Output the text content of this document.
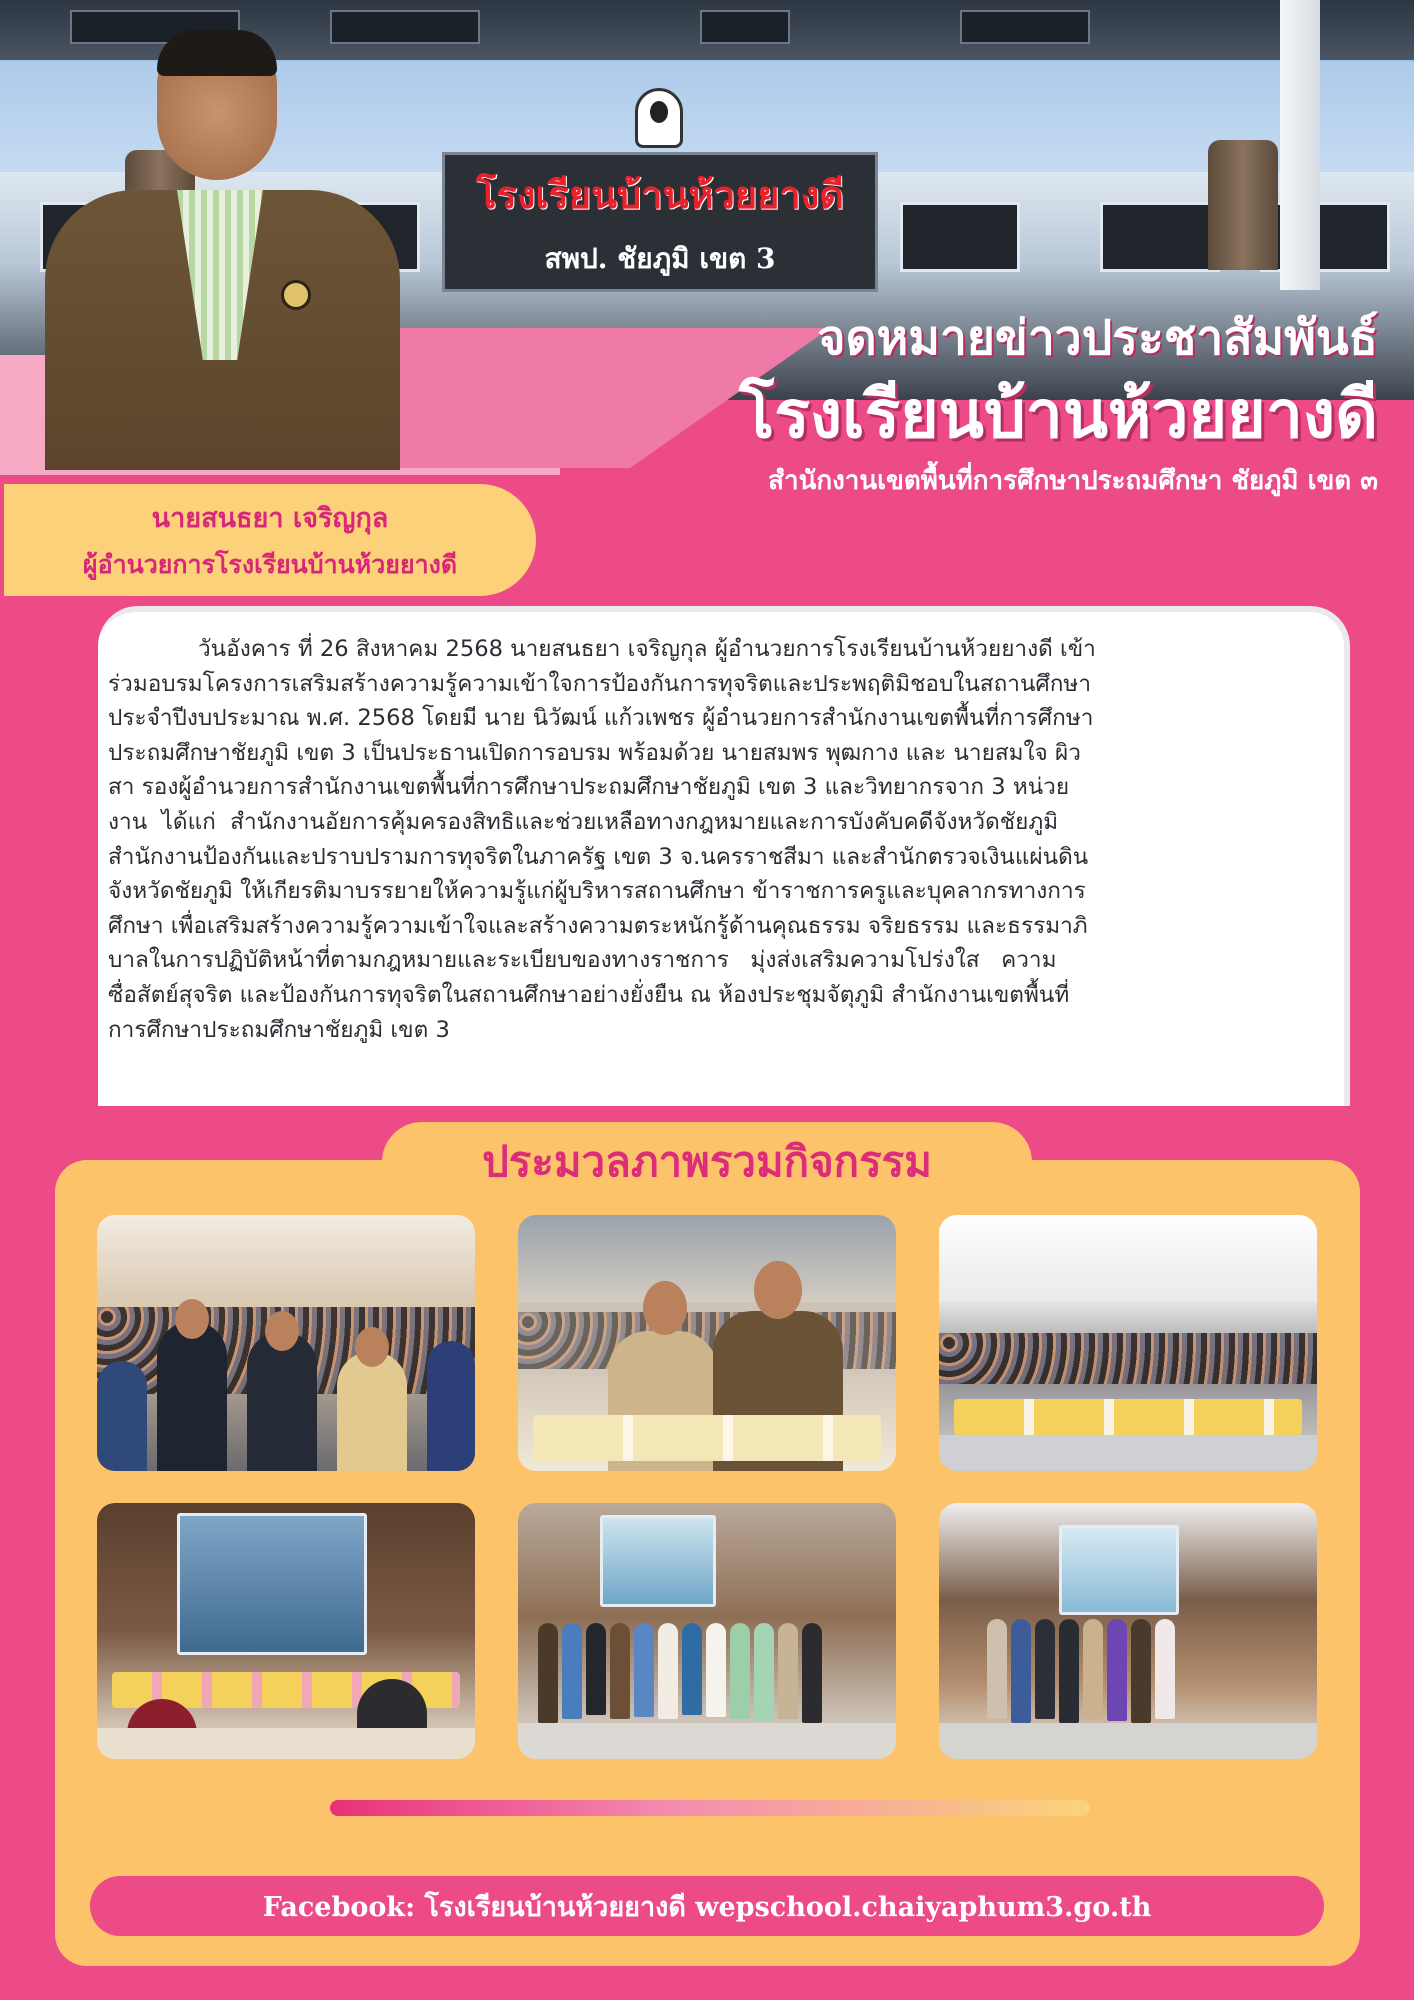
โรงเรียนบ้านห้วยยางดี
สพป. ชัยภูมิ เขต 3
จดหมายข่าวประชาสัมพันธ์
โรงเรียนบ้านห้วยยางดี
สำนักงานเขตพื้นที่การศึกษาประถมศึกษา ชัยภูมิ เขต ๓
นายสนธยา เจริญกุล
ผู้อำนวยการโรงเรียนบ้านห้วยยางดี
วันอังคาร ที่ 26 สิงหาคม 2568 นายสนธยา เจริญกุล ผู้อำนวยการโรงเรียนบ้านห้วยยางดี เข้า
ร่วมอบรมโครงการเสริมสร้างความรู้ความเข้าใจการป้องกันการทุจริตและประพฤติมิชอบในสถานศึกษา
ประจำปีงบประมาณ พ.ศ. 2568 โดยมี นาย นิวัฒน์ แก้วเพชร ผู้อำนวยการสำนักงานเขตพื้นที่การศึกษา
ประถมศึกษาชัยภูมิ เขต 3 เป็นประธานเปิดการอบรม พร้อมด้วย นายสมพร พุฒกาง และ นายสมใจ ผิว
สา รองผู้อำนวยการสำนักงานเขตพื้นที่การศึกษาประถมศึกษาชัยภูมิ เขต 3 และวิทยากรจาก 3 หน่วย
งาน  ได้แก่  สำนักงานอัยการคุ้มครองสิทธิและช่วยเหลือทางกฎหมายและการบังคับคดีจังหวัดชัยภูมิ
สำนักงานป้องกันและปราบปรามการทุจริตในภาครัฐ เขต 3 จ.นครราชสีมา และสำนักตรวจเงินแผ่นดิน
จังหวัดชัยภูมิ ให้เกียรติมาบรรยายให้ความรู้แก่ผู้บริหารสถานศึกษา ข้าราชการครูและบุคลากรทางการ
ศึกษา เพื่อเสริมสร้างความรู้ความเข้าใจและสร้างความตระหนักรู้ด้านคุณธรรม จริยธรรม และธรรมาภิ
บาลในการปฏิบัติหน้าที่ตามกฎหมายและระเบียบของทางราชการ   มุ่งส่งเสริมความโปร่งใส   ความ
ซื่อสัตย์สุจริต และป้องกันการทุจริตในสถานศึกษาอย่างยั่งยืน ณ ห้องประชุมจัตุภูมิ สำนักงานเขตพื้นที่
การศึกษาประถมศึกษาชัยภูมิ เขต 3
ประมวลภาพรวมกิจกรรม
Facebook: โรงเรียนบ้านห้วยยางดี wepschool.chaiyaphum3.go.th
